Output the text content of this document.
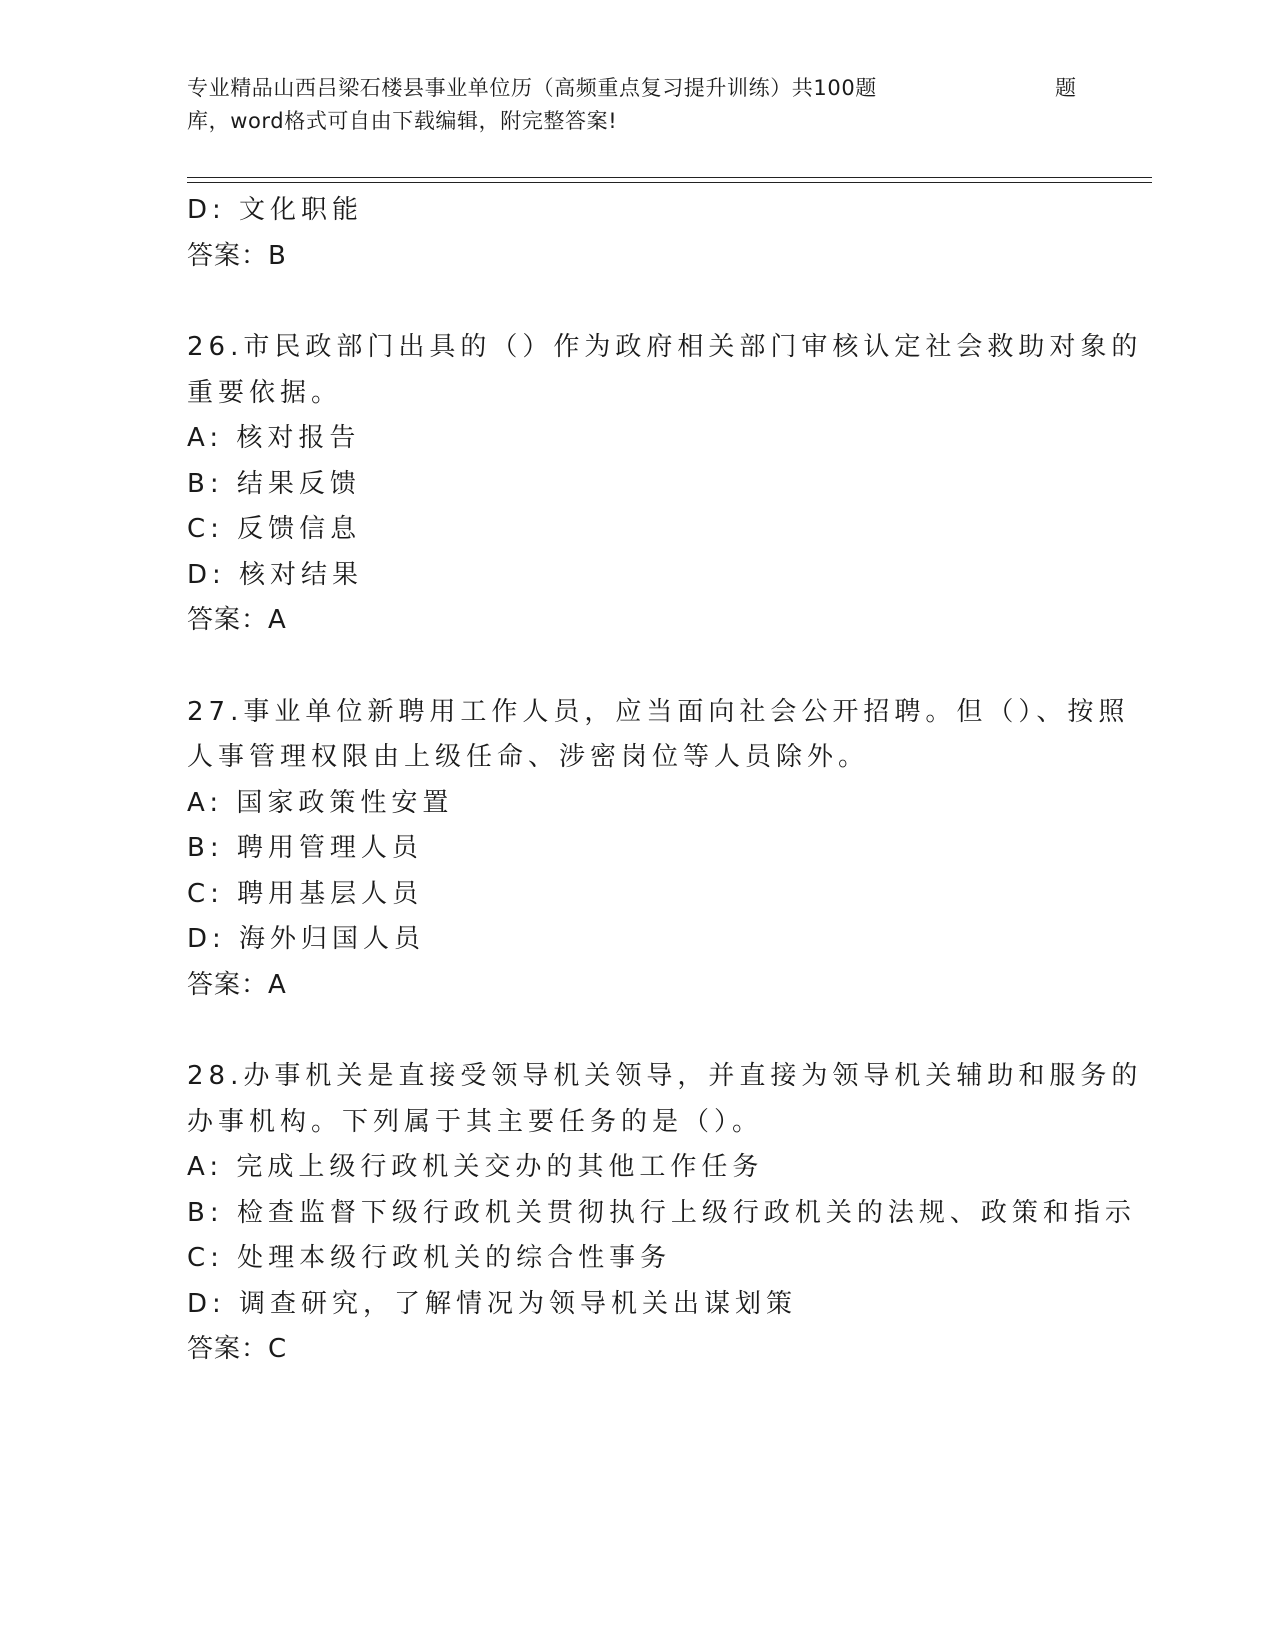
专业精品山西吕梁石楼县事业单位历（高频重点复习提升训练）共100题	题
库，word格式可自由下载编辑，附完整答案!
D: 文化职能
答案：B
26.市民政部门出具的（）作为政府相关部门审核认定社会救助对象的
重要依据。
A: 核对报告
B: 结果反馈
C: 反馈信息
D: 核对结果
答案：A
27.事业单位新聘用工作人员，应当面向社会公开招聘。但（）、按照
人事管理权限由上级任命、涉密岗位等人员除外。
A: 国家政策性安置
B: 聘用管理人员
C: 聘用基层人员
D: 海外归国人员
答案：A
28.办事机关是直接受领导机关领导，并直接为领导机关辅助和服务的
办事机构。下列属于其主要任务的是（）。
A: 完成上级行政机关交办的其他工作任务
B: 检查监督下级行政机关贯彻执行上级行政机关的法规、政策和指示
C: 处理本级行政机关的综合性事务
D: 调查研究，了解情况为领导机关出谋划策
答案：C
